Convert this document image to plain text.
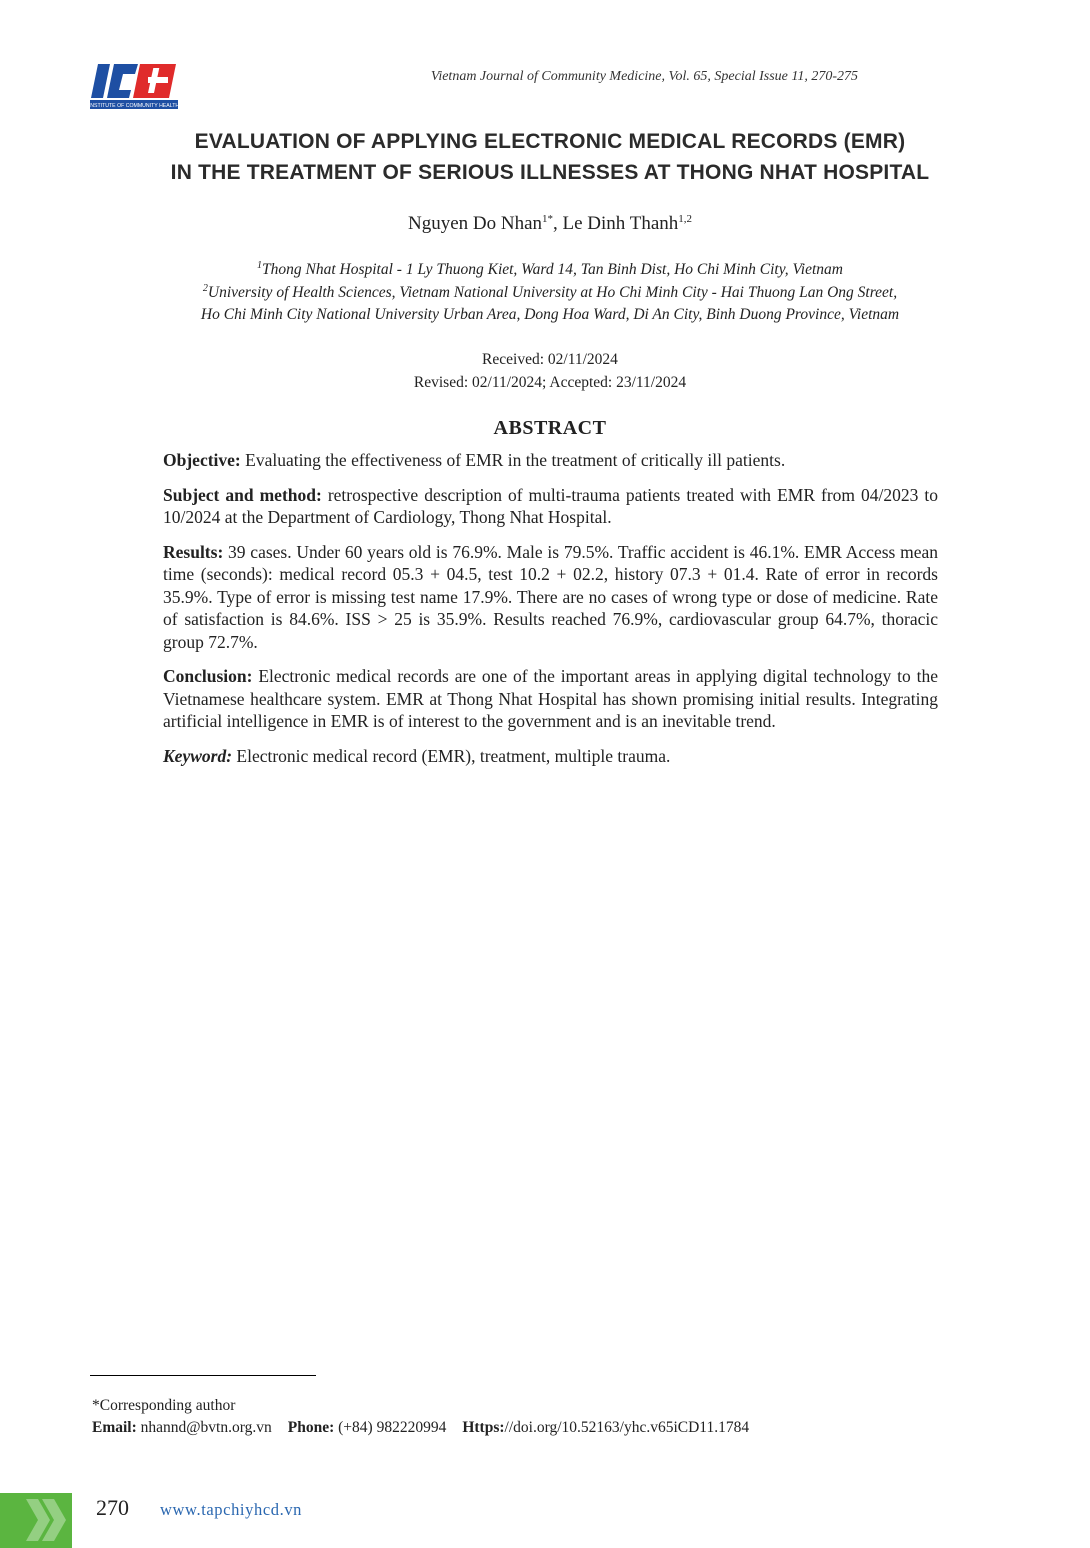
INSTITUTE OF COMMUNITY HEALTH
Vietnam Journal of Community Medicine, Vol. 65, Special Issue 11, 270-275
EVALUATION OF APPLYING ELECTRONIC MEDICAL RECORDS (EMR)
IN THE TREATMENT OF SERIOUS ILLNESSES AT THONG NHAT HOSPITAL
Nguyen Do Nhan$^{1*}$, Le Dinh Thanh$^{1,2}$
$^1$Thong Nhat Hospital - 1 Ly Thuong Kiet, Ward 14, Tan Binh Dist, Ho Chi Minh City, Vietnam
$^2$University of Health Sciences, Vietnam National University at Ho Chi Minh City - Hai Thuong Lan Ong Street,
Ho Chi Minh City National University Urban Area, Dong Hoa Ward, Di An City, Binh Duong Province, Vietnam
Received: 02/11/2024
Revised: 02/11/2024; Accepted: 23/11/2024
ABSTRACT

Objective: Evaluating the effectiveness of EMR in the treatment of critically ill patients.

Subject and method: retrospective description of multi-trauma patients treated with EMR from 04/2023 to 10/2024 at the Department of Cardiology, Thong Nhat Hospital.

Results: 39 cases. Under 60 years old is 76.9%. Male is 79.5%. Traffic accident is 46.1%. EMR Access mean time (seconds): medical record 05.3 + 04.5, test 10.2 + 02.2, history 07.3 + 01.4. Rate of error in records 35.9%. Type of error is missing test name 17.9%. There are no cases of wrong type or dose of medicine. Rate of satisfaction is 84.6%. ISS > 25 is 35.9%. Results reached 76.9%, cardiovascular group 64.7%, thoracic group 72.7%.

Conclusion: Electronic medical records are one of the important areas in applying digital technology to the Vietnamese healthcare system. EMR at Thong Nhat Hospital has shown promising initial results. Integrating artificial intelligence in EMR is of interest to the government and is an inevitable trend.

Keyword: Electronic medical record (EMR), treatment, multiple trauma.

*Corresponding author
Email: nhannd@bvtn.org.vn Phone: (+84) 982220994 Https://doi.org/10.52163/yhc.v65iCD11.1784
270 www.tapchiyhcd.vn
